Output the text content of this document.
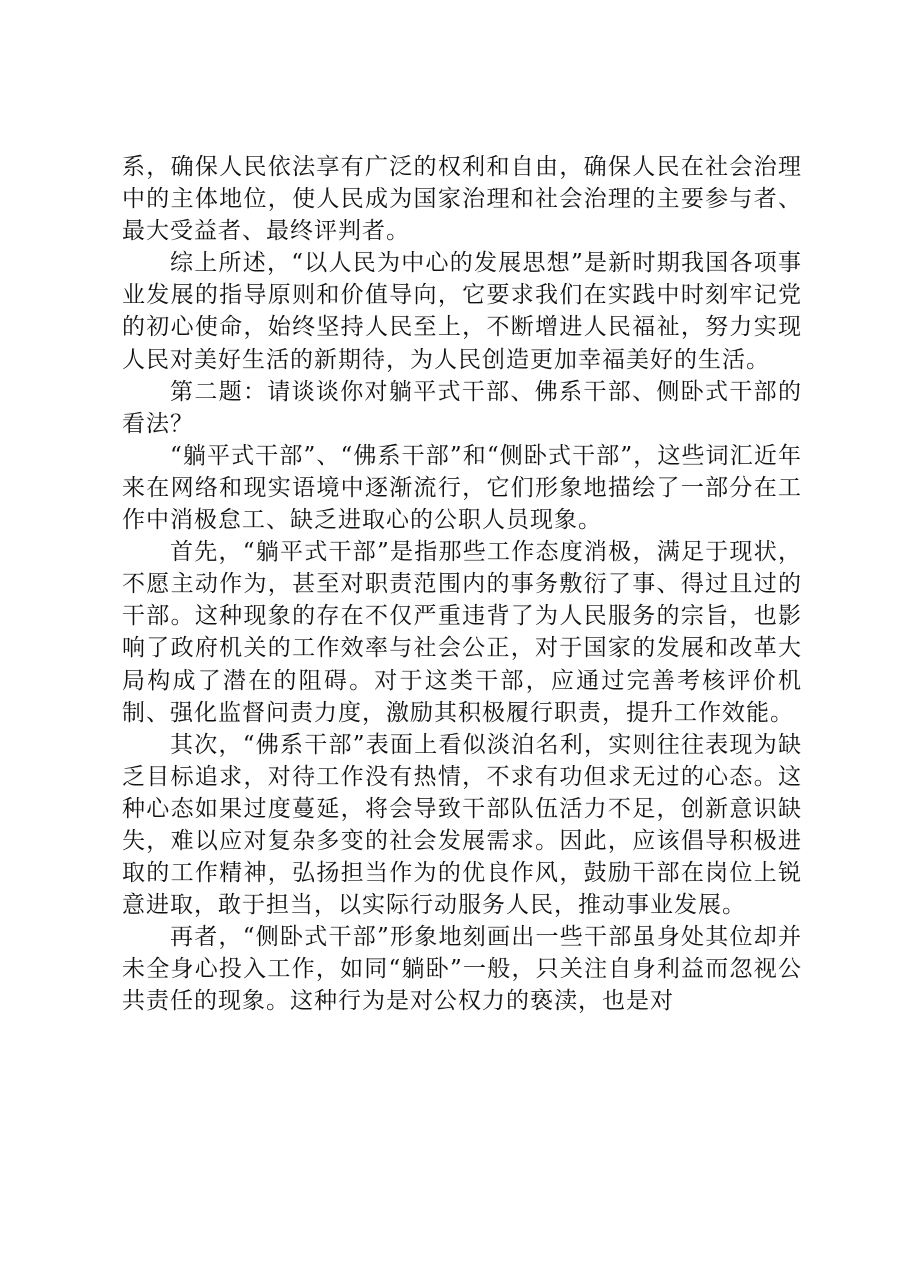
系，确保人民依法享有广泛的权利和自由，确保人民在社会治理中的主体地位，使人民成为国家治理和社会治理的主要参与者、最大受益者、最终评判者。

综上所述，“以人民为中心的发展思想”是新时期我国各项事业发展的指导原则和价值导向，它要求我们在实践中时刻牢记党的初心使命，始终坚持人民至上，不断增进人民福祉，努力实现人民对美好生活的新期待，为人民创造更加幸福美好的生活。

第二题：请谈谈你对躺平式干部、佛系干部、侧卧式干部的看法？

“躺平式干部”、“佛系干部”和“侧卧式干部”，这些词汇近年来在网络和现实语境中逐渐流行，它们形象地描绘了一部分在工作中消极怠工、缺乏进取心的公职人员现象。

首先，“躺平式干部”是指那些工作态度消极，满足于现状，不愿主动作为，甚至对职责范围内的事务敷衍了事、得过且过的干部。这种现象的存在不仅严重违背了为人民服务的宗旨，也影响了政府机关的工作效率与社会公正，对于国家的发展和改革大局构成了潜在的阻碍。对于这类干部，应通过完善考核评价机制、强化监督问责力度，激励其积极履行职责，提升工作效能。

其次，“佛系干部”表面上看似淡泊名利，实则往往表现为缺乏目标追求，对待工作没有热情，不求有功但求无过的心态。这种心态如果过度蔓延，将会导致干部队伍活力不足，创新意识缺失，难以应对复杂多变的社会发展需求。因此，应该倡导积极进取的工作精神，弘扬担当作为的优良作风，鼓励干部在岗位上锐意进取，敢于担当，以实际行动服务人民，推动事业发展。

再者，“侧卧式干部”形象地刻画出一些干部虽身处其位却并未全身心投入工作，如同“躺卧”一般，只关注自身利益而忽视公共责任的现象。这种行为是对公权力的亵渎，也是对
